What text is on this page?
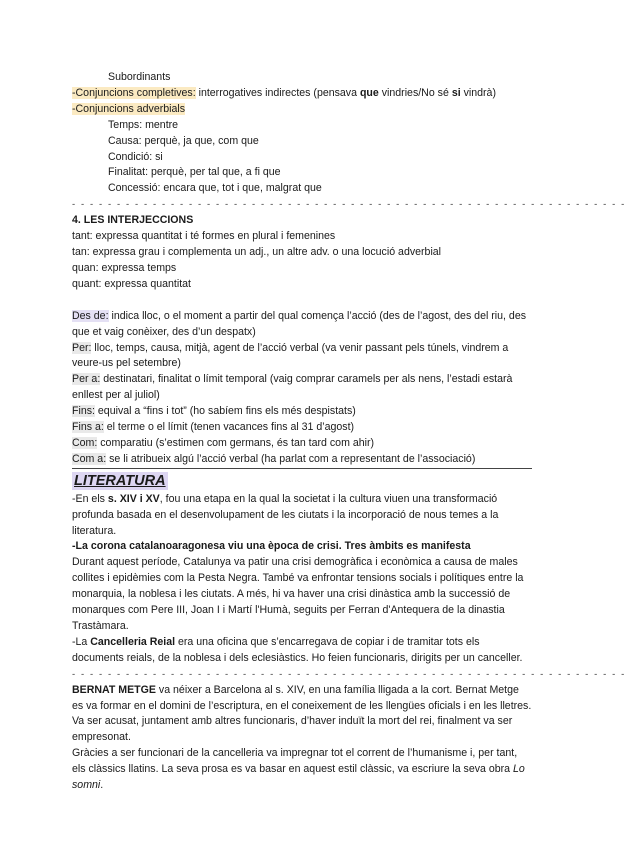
Subordinants
-Conjuncions completives: interrogatives indirectes (pensava que vindries/No sé si vindrà)
-Conjuncions adverbials
Temps: mentre
Causa: perquè, ja que, com que
Condició: si
Finalitat: perquè, per tal que, a fi que
Concessió: encara que, tot i que, malgrat que
- - - - - - - - - - - - - - - - - - - - - - - - - - - - - - - - - - - - - - - - - - - - - - - - - - - - - - - - - - - - - -
4. LES INTERJECCIONS
tant: expressa quantitat i té formes en plural i femenines
tan: expressa grau i complementa un adj., un altre adv. o una locució adverbial
quan: expressa temps
quant: expressa quantitat
Des de: indica lloc, o el moment a partir del qual comença l’acció (des de l’agost, des del riu, des que et vaig conèixer, des d’un despatx)
Per: lloc, temps, causa, mitjà, agent de l’acció verbal (va venir passant pels túnels, vindrem a veure-us pel setembre)
Per a: destinatari, finalitat o límit temporal (vaig comprar caramels per als nens, l’estadi estarà enllest per al juliol)
Fins: equival a “fins i tot” (ho sabíem fins els més despistats)
Fins a: el terme o el límit (tenen vacances fins al 31 d’agost)
Com: comparatiu (s’estimen com germans, és tan tard com ahir)
Com a: se li atribueix algú l’acció verbal (ha parlat com a representant de l’associació)
LITERATURA
-En els s. XIV i XV, fou una etapa en la qual la societat i la cultura viuen una transformació profunda basada en el desenvolupament de les ciutats i la incorporació de nous temes a la literatura.
-La corona catalanoaragonesa viu una època de crisi. Tres àmbits es manifesta
Durant aquest període, Catalunya va patir una crisi demogràfica i econòmica a causa de males collites i epidèmies com la Pesta Negra. També va enfrontar tensions socials i polítiques entre la monarquia, la noblesa i les ciutats. A més, hi va haver una crisi dinàstica amb la successió de monarques com Pere III, Joan I i Martí l'Humà, seguits per Ferran d'Antequera de la dinastia Trastàmara.
-La Cancelleria Reial era una oficina que s’encarregava de copiar i de tramitar tots els documents reials, de la noblesa i dels eclesiàstics. Ho feien funcionaris, dirigits per un canceller.
- - - - - - - - - - - - - - - - - - - - - - - - - - - - - - - - - - - - - - - - - - - - - - - - - - - - - - - - - - - - - -
BERNAT METGE va néixer a Barcelona al s. XIV, en una família lligada a la cort. Bernat Metge es va formar en el domini de l’escriptura, en el coneixement de les llengües oficials i en les lletres. Va ser acusat, juntament amb altres funcionaris, d’haver induït la mort del rei, finalment va ser empresonat.
Gràcies a ser funcionari de la cancelleria va impregnar tot el corrent de l’humanisme i, per tant, els clàssics llatins. La seva prosa es va basar en aquest estil clàssic, va escriure la seva obra Lo somni.
